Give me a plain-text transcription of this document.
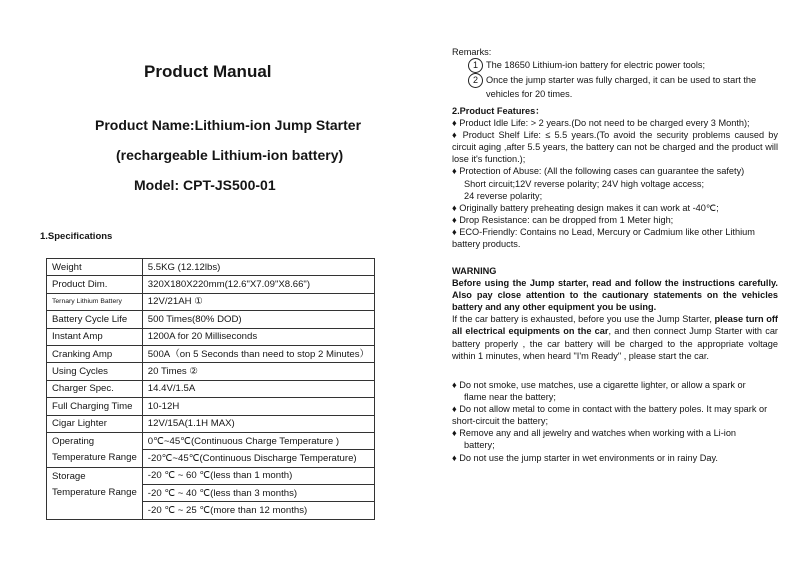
Product Manual
Product Name:Lithium-ion Jump Starter
(rechargeable Lithium-ion battery)
Model: CPT-JS500-01
1.Specifications
Weight	5.5KG (12.12lbs)
Product Dim.	320X180X220mm(12.6"X7.09"X8.66")
Ternary Lithium Battery	12V/21AH ①
Battery Cycle Life	500 Times(80% DOD)
Instant Amp	1200A for 20 Milliseconds
Cranking Amp	500A（on 5 Seconds than need to stop 2 Minutes）
Using Cycles	20 Times ②
Charger Spec.	14.4V/1.5A
Full Charging Time	10-12H
Cigar Lighter	12V/15A(1.1H MAX)

Operating
Temperature Range	0℃~45℃(Continuous Charge Temperature )
	-20℃~45℃(Continuous Discharge Temperature)

Storage
Temperature Range	-20 ℃ ~ 60 ℃(less than 1 month)
	-20 ℃ ~ 40 ℃(less than 3 months)
	-20 ℃ ~ 25 ℃(more than 12 months)
Remarks:
1 The 18650 Lithium-ion battery for electric power tools;
2 Once the jump starter was fully charged, it can be used to start the
vehicles for 20 times.
2.Product Features：
♦ Product Idle Life: > 2 years.(Do not need to be charged every 3 Month);
♦ Product Shelf Life: ≤ 5.5 years.(To avoid the security problems caused by circuit aging ,after 5.5 years, the battery can not be charged and the product will lose it's function.);
♦ Protection of Abuse: (All the following cases can guarantee the safety)
Short circuit;12V reverse polarity; 24V high voltage access;
24 reverse polarity;
♦ Originally battery preheating design makes it can work at -40℃;
♦ Drop Resistance: can be dropped from 1 Meter high;
♦ ECO-Friendly: Contains no Lead, Mercury or Cadmium like other Lithium battery products.
WARNING
Before using the Jump starter, read and follow the instructions carefully. Also pay close attention to the cautionary statements on the vehicles battery and any other equipment you be using.
If the car battery is exhausted, before you use the Jump Starter, please turn off all electrical equipments on the car, and then connect Jump Starter with car battery properly , the car battery will be charged to the appropriate voltage within 1 minutes, when heard "I'm Ready" , please start the car.
♦ Do not smoke, use matches, use a cigarette lighter, or allow a spark or
flame near the battery;
♦ Do not allow metal to come in contact with the battery poles. It may spark or short-circuit the battery;
♦ Remove any and all jewelry and watches when working with a Li-ion
battery;
♦ Do not use the jump starter in wet environments or in rainy Day.
